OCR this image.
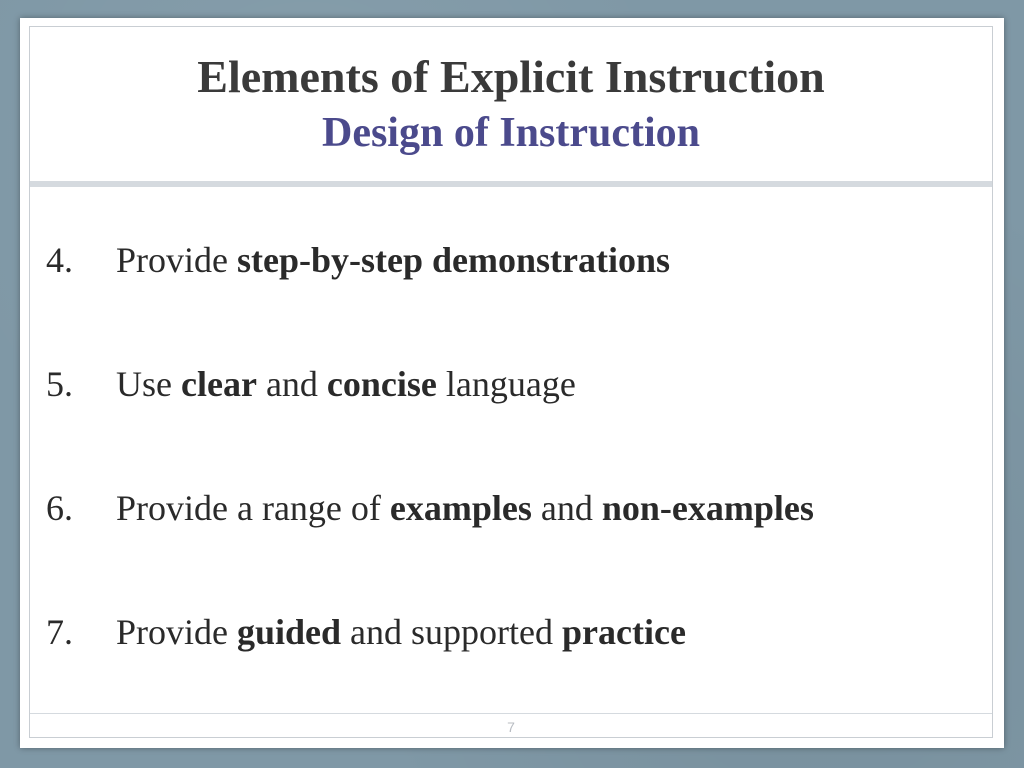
Elements of Explicit Instruction
Design of Instruction
4.	Provide step-by-step demonstrations
5.	Use clear and concise language
6.	Provide a range of examples and non-examples
7.	Provide guided and supported practice
7
